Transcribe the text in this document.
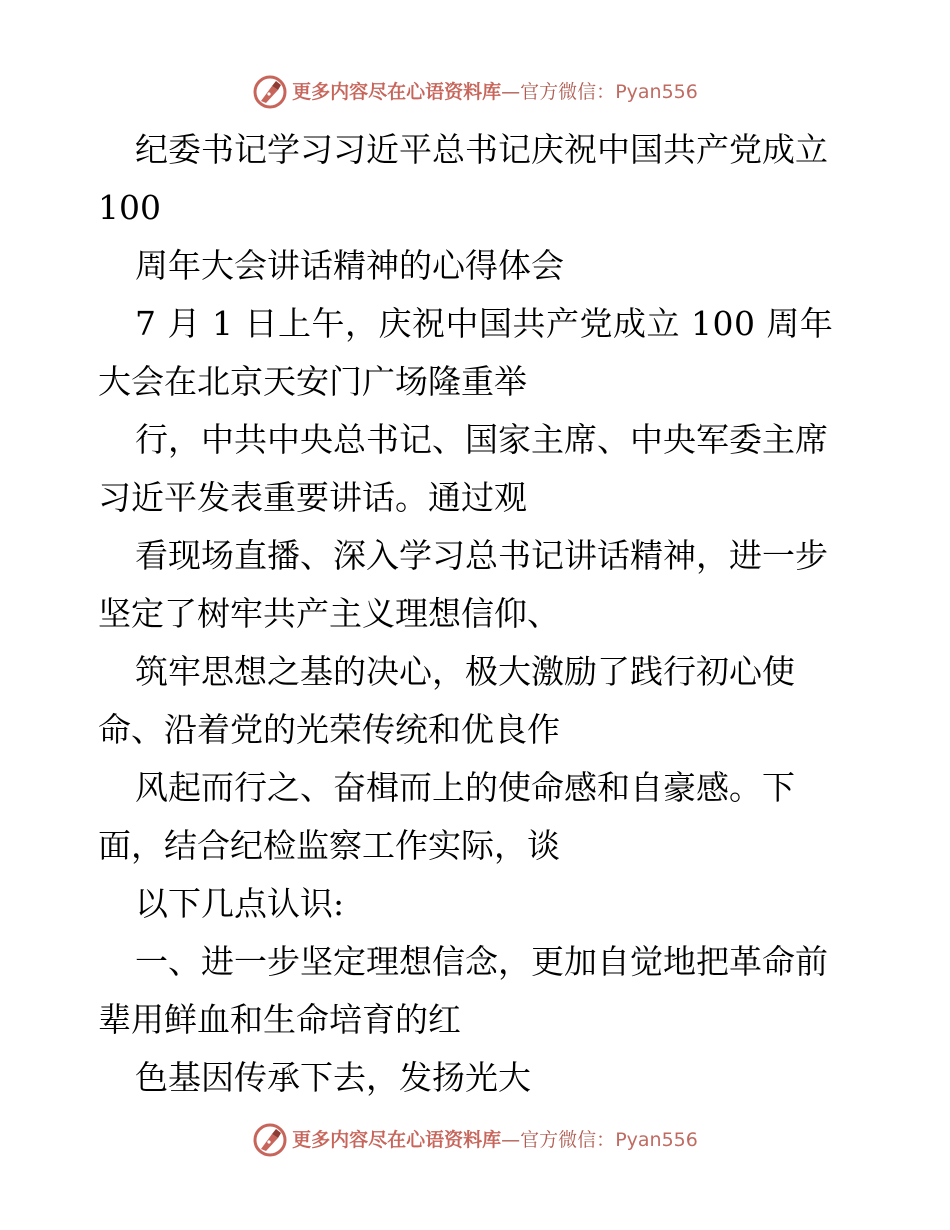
更多内容尽在心语资料库 — 官方微信： Pyan556
纪委书记学习习近平总书记庆祝中国共产党成立
100
周年大会讲话精神的心得体会
7 月 1 日上午，庆祝中国共产党成立 100 周年
大会在北京天安门广场隆重举
行，中共中央总书记、国家主席、中央军委主席
习近平发表重要讲话。通过观
看现场直播、深入学习总书记讲话精神，进一步
坚定了树牢共产主义理想信仰、
筑牢思想之基的决心，极大激励了践行初心使
命、沿着党的光荣传统和优良作
风起而行之、奋楫而上的使命感和自豪感。下
面，结合纪检监察工作实际，谈
以下几点认识:
一、进一步坚定理想信念，更加自觉地把革命前
辈用鲜血和生命培育的红
色基因传承下去，发扬光大
更多内容尽在心语资料库 — 官方微信： Pyan556
